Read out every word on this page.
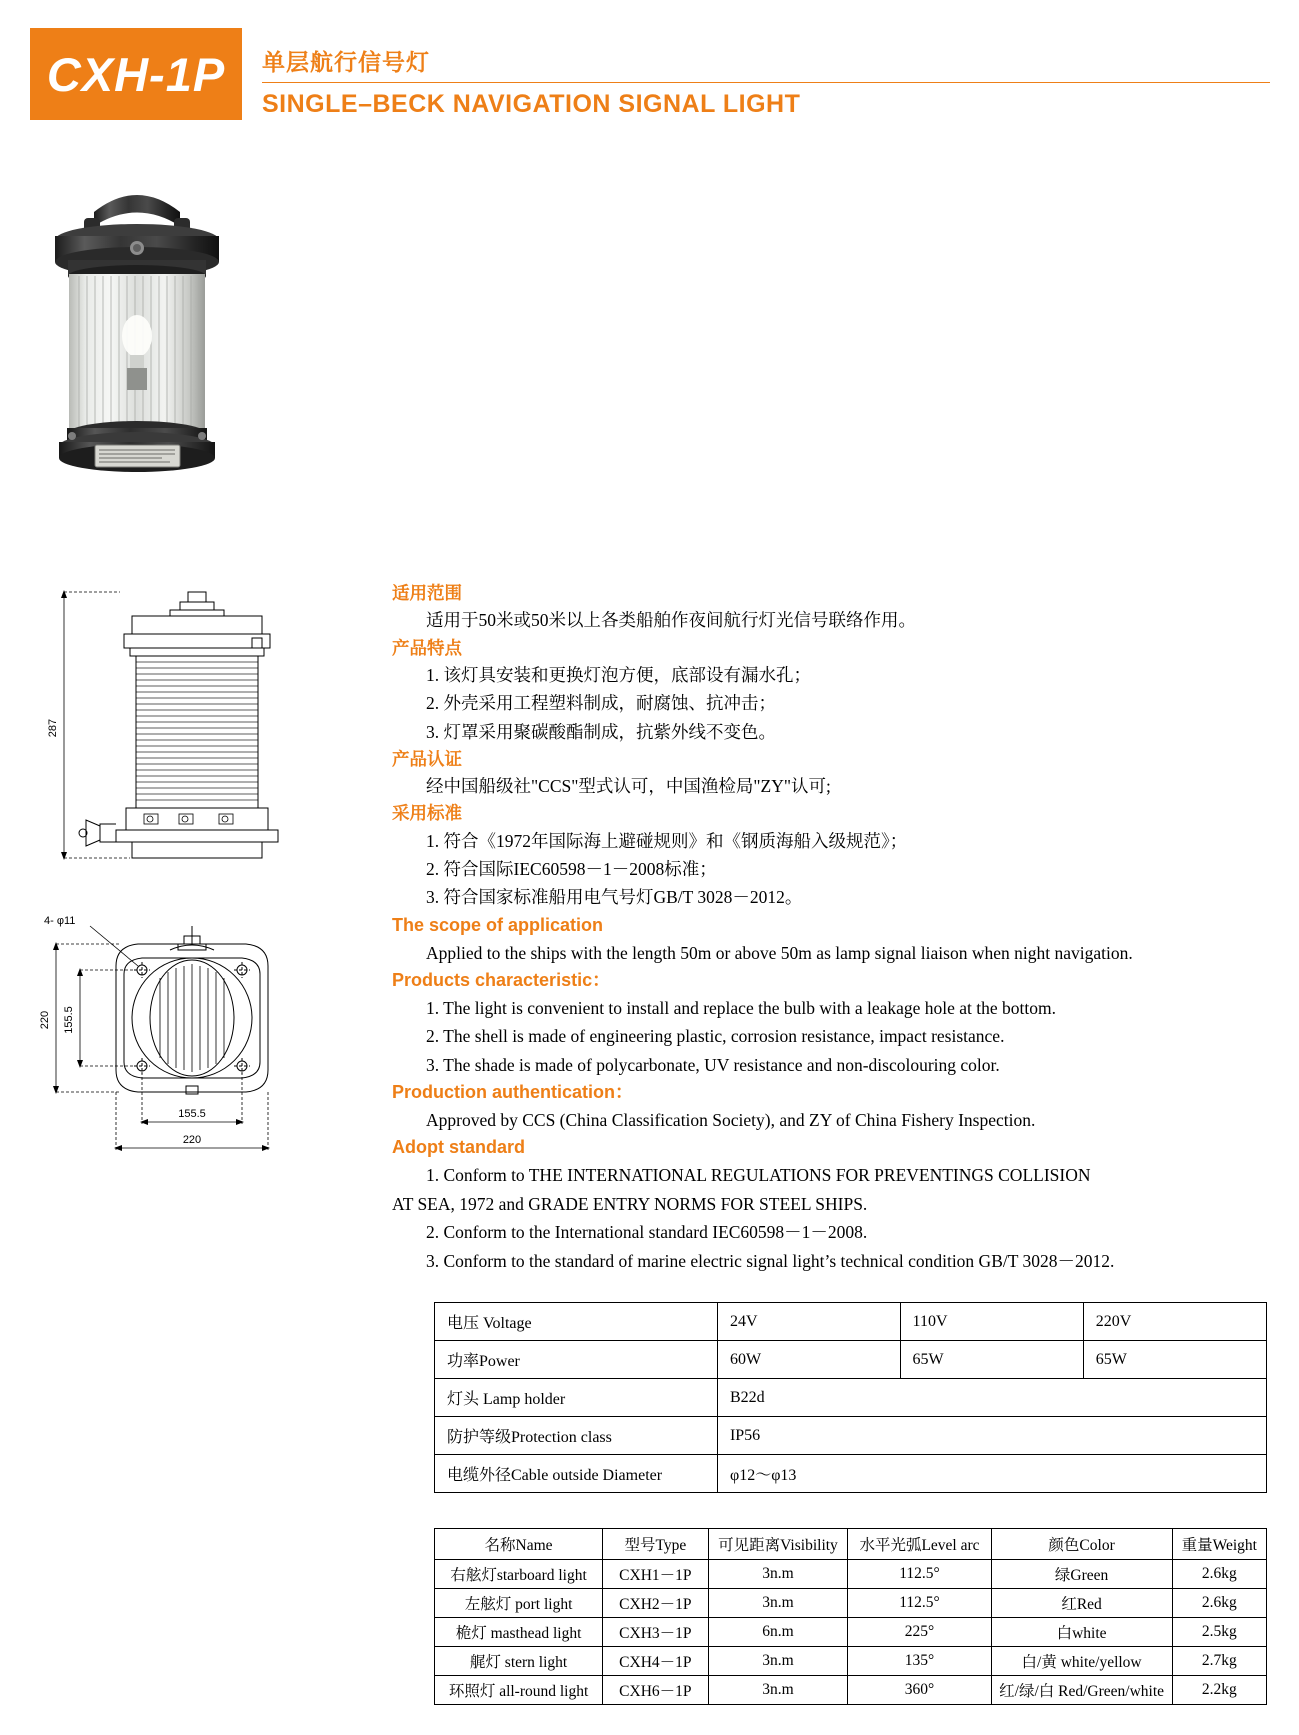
CXH-1P 单层航行信号灯
SINGLE–BECK NAVIGATION SIGNAL LIGHT
287
4- φ11
220 155.5
155.5
220
适用范围
适用于50米或50米以上各类船舶作夜间航行灯光信号联络作用。
产品特点
1. 该灯具安装和更换灯泡方便，底部设有漏水孔；
2. 外壳采用工程塑料制成，耐腐蚀、抗冲击；
3. 灯罩采用聚碳酸酯制成，抗紫外线不变色。
产品认证
经中国船级社"CCS"型式认可，中国渔检局"ZY"认可;
采用标准
1. 符合《1972年国际海上避碰规则》和《钢质海船入级规范》；
2. 符合国际IEC60598－1－2008标准；
3. 符合国家标准船用电气号灯GB/T 3028－2012。
The scope of application
Applied to the ships with the length 50m or above 50m as lamp signal liaison when night navigation.
Products characteristic：
1. The light is convenient to install and replace the bulb with a leakage hole at the bottom.
2. The shell is made of engineering plastic, corrosion resistance, impact resistance.
3. The shade is made of polycarbonate, UV resistance and non-discolouring color.
Production authentication：
Approved by CCS (China Classification Society), and ZY of China Fishery Inspection.
Adopt standard
1. Conform to THE INTERNATIONAL REGULATIONS FOR PREVENTINGS COLLISION
AT SEA, 1972 and GRADE ENTRY NORMS FOR STEEL SHIPS.
2. Conform to the International standard IEC60598－1－2008.
3. Conform to the standard of marine electric signal light’s technical condition GB/T 3028－2012.
电压 Voltage	24V	110V	220V
功率Power	60W	65W	65W
灯头 Lamp holder	B22d		
防护等级Protection class	IP56		
电缆外径Cable outside Diameter	φ12～φ13		
名称Name	型号Type	可见距离Visibility	水平光弧Level arc	颜色Color	重量Weight
右舷灯starboard light	CXH1－1P	3n.m	112.5°	绿Green	2.6kg
左舷灯 port light	CXH2－1P	3n.m	112.5°	红Red	2.6kg
桅灯 masthead light	CXH3－1P	6n.m	225°	白white	2.5kg
艉灯 stern light	CXH4－1P	3n.m	135°	白/黄 white/yellow	2.7kg
环照灯 all-round light	CXH6－1P	3n.m	360°	红/绿/白 Red/Green/white	2.2kg
